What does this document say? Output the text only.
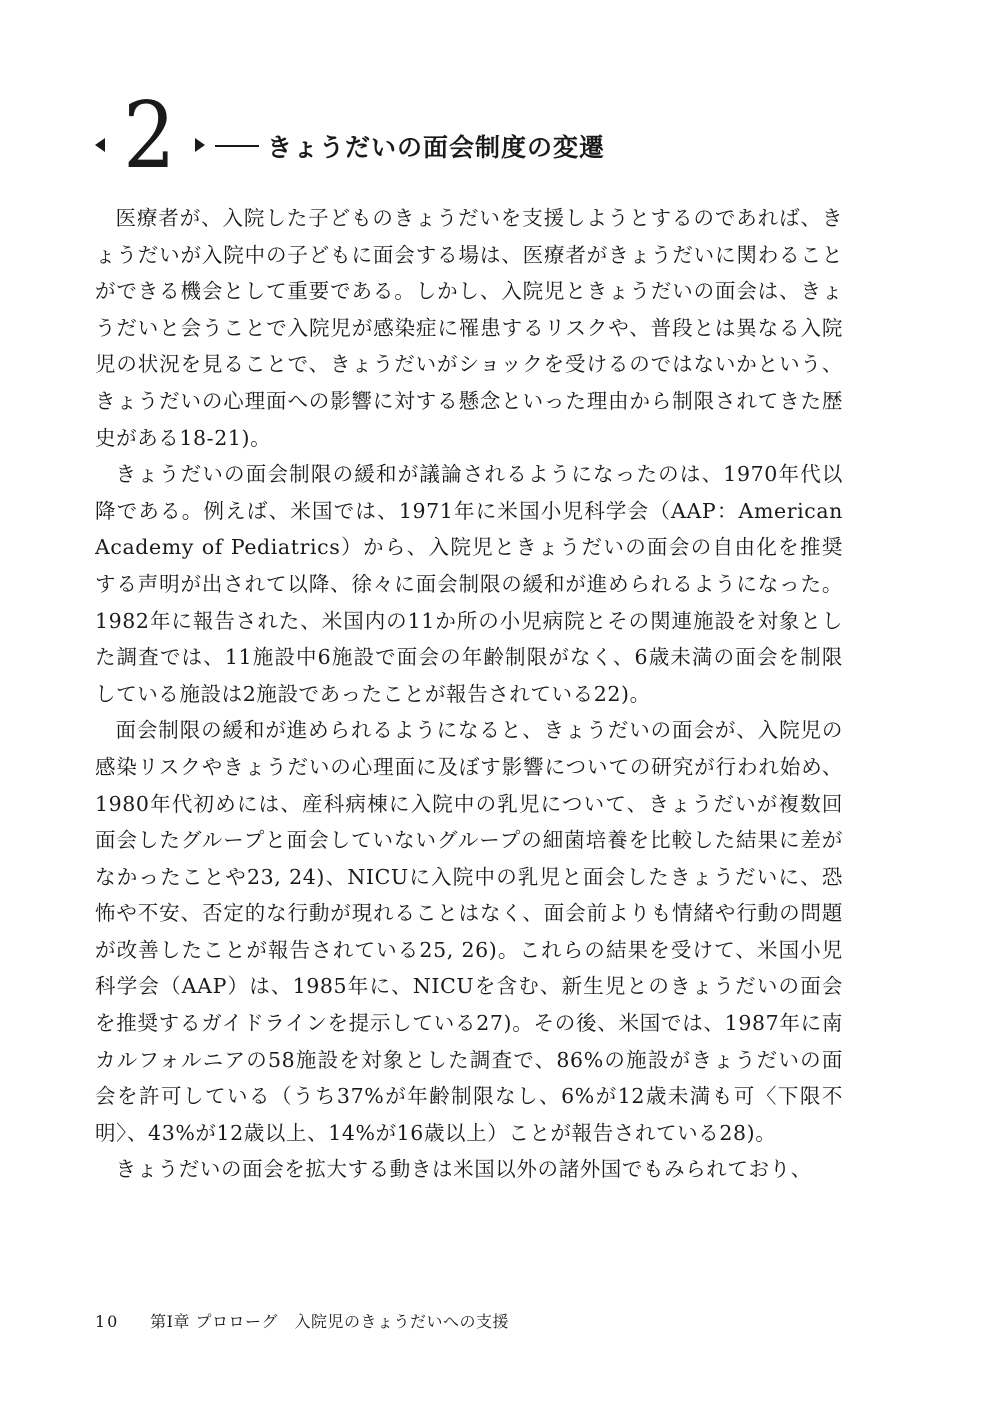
2	きょうだいの面会制度の変遷

医療者が、入院した子どものきょうだいを支援しようとするのであれば、きょうだいが入院中の子どもに面会する場は、医療者がきょうだいに関わることができる機会として重要である。しかし、入院児ときょうだいの面会は、きょうだいと会うことで入院児が感染症に罹患するリスクや、普段とは異なる入院児の状況を見ることで、きょうだいがショックを受けるのではないかという、きょうだいの心理面への影響に対する懸念といった理由から制限されてきた歴史がある18-21)。

きょうだいの面会制限の緩和が議論されるようになったのは、1970年代以降である。例えば、米国では、1971年に米国小児科学会（AAP：American Academy of Pediatrics）から、入院児ときょうだいの面会の自由化を推奨する声明が出されて以降、徐々に面会制限の緩和が進められるようになった。1982年に報告された、米国内の11か所の小児病院とその関連施設を対象とした調査では、11施設中6施設で面会の年齢制限がなく、6歳未満の面会を制限している施設は2施設であったことが報告されている22)。

面会制限の緩和が進められるようになると、きょうだいの面会が、入院児の感染リスクやきょうだいの心理面に及ぼす影響についての研究が行われ始め、1980年代初めには、産科病棟に入院中の乳児について、きょうだいが複数回面会したグループと面会していないグループの細菌培養を比較した結果に差がなかったことや23, 24)、NICUに入院中の乳児と面会したきょうだいに、恐怖や不安、否定的な行動が現れることはなく、面会前よりも情緒や行動の問題が改善したことが報告されている25, 26)。これらの結果を受けて、米国小児科学会（AAP）は、1985年に、NICUを含む、新生児とのきょうだいの面会を推奨するガイドラインを提示している27)。その後、米国では、1987年に南カルフォルニアの58施設を対象とした調査で、86%の施設がきょうだいの面会を許可している（うち37%が年齢制限なし、6%が12歳未満も可〈下限不明〉、43%が12歳以上、14%が16歳以上）ことが報告されている28)。

きょうだいの面会を拡大する動きは米国以外の諸外国でもみられており、

10 第Ⅰ章 プロローグ　入院児のきょうだいへの支援
